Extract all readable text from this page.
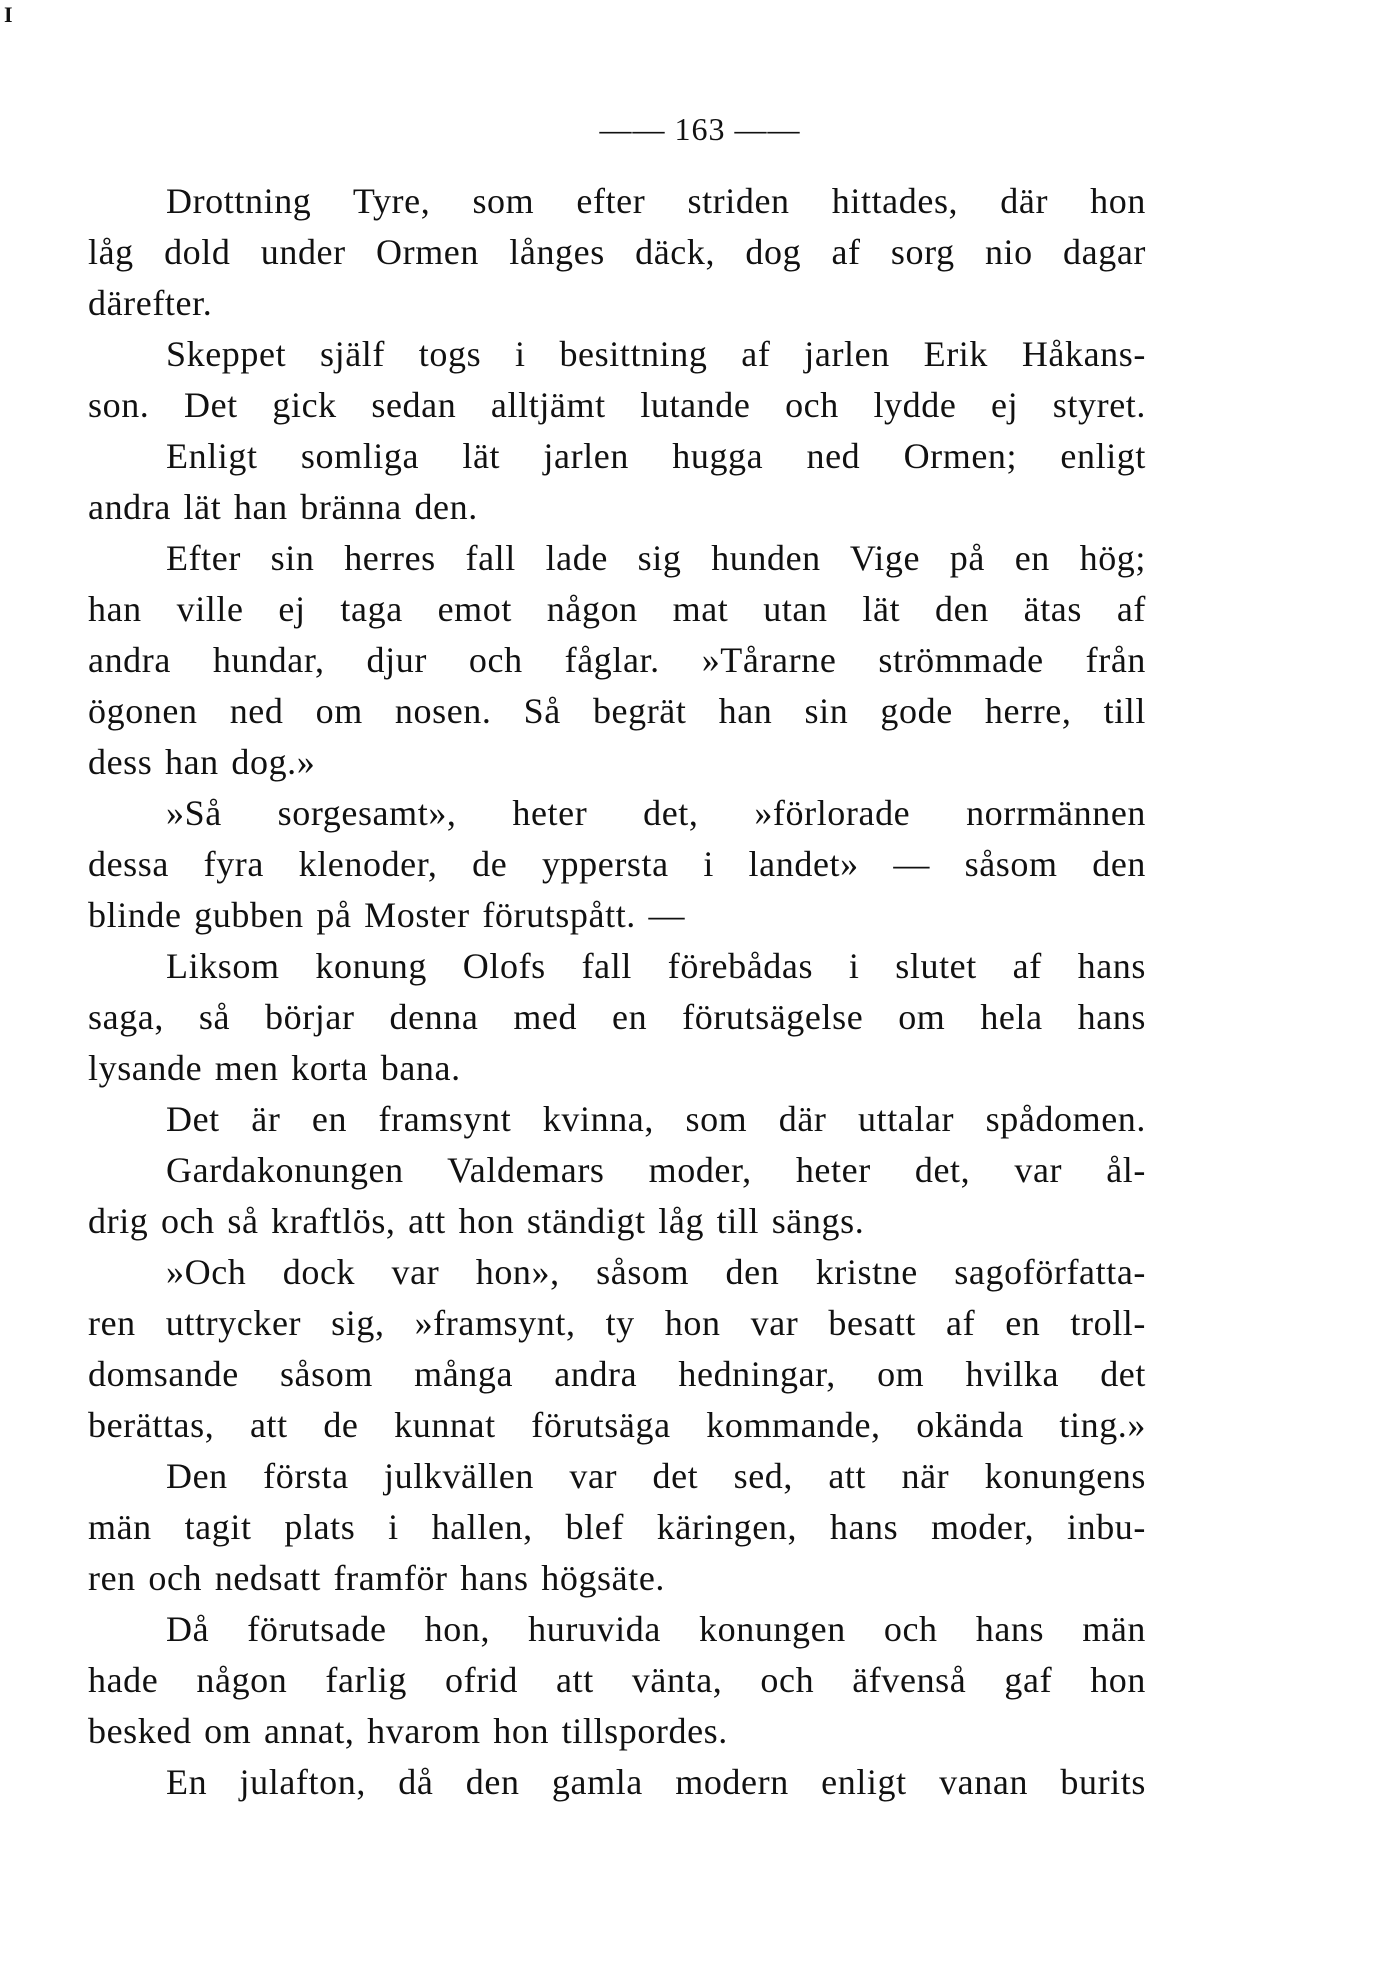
I
—— 163 ——
Drottning Tyre, som efter striden hittades, där hon
låg dold under Ormen långes däck, dog af sorg nio dagar
därefter.
Skeppet själf togs i besittning af jarlen Erik Håkans-
son. Det gick sedan alltjämt lutande och lydde ej styret.
Enligt somliga lät jarlen hugga ned Ormen; enligt
andra lät han bränna den.
Efter sin herres fall lade sig hunden Vige på en hög;
han ville ej taga emot någon mat utan lät den ätas af
andra hundar, djur och fåglar. »Tårarne strömmade från
ögonen ned om nosen. Så begrät han sin gode herre, till
dess han dog.»
»Så sorgesamt», heter det, »förlorade norrmännen
dessa fyra klenoder, de yppersta i landet» — såsom den
blinde gubben på Moster förutspått. —
Liksom konung Olofs fall förebådas i slutet af hans
saga, så börjar denna med en förutsägelse om hela hans
lysande men korta bana.
Det är en framsynt kvinna, som där uttalar spådomen.
Gardakonungen Valdemars moder, heter det, var ål-
drig och så kraftlös, att hon ständigt låg till sängs.
»Och dock var hon», såsom den kristne sagoförfatta-
ren uttrycker sig, »framsynt, ty hon var besatt af en troll-
domsande såsom många andra hedningar, om hvilka det
berättas, att de kunnat förutsäga kommande, okända ting.»
Den första julkvällen var det sed, att när konungens
män tagit plats i hallen, blef käringen, hans moder, inbu-
ren och nedsatt framför hans högsäte.
Då förutsade hon, huruvida konungen och hans män
hade någon farlig ofrid att vänta, och äfvenså gaf hon
besked om annat, hvarom hon tillspordes.
En julafton, då den gamla modern enligt vanan burits
